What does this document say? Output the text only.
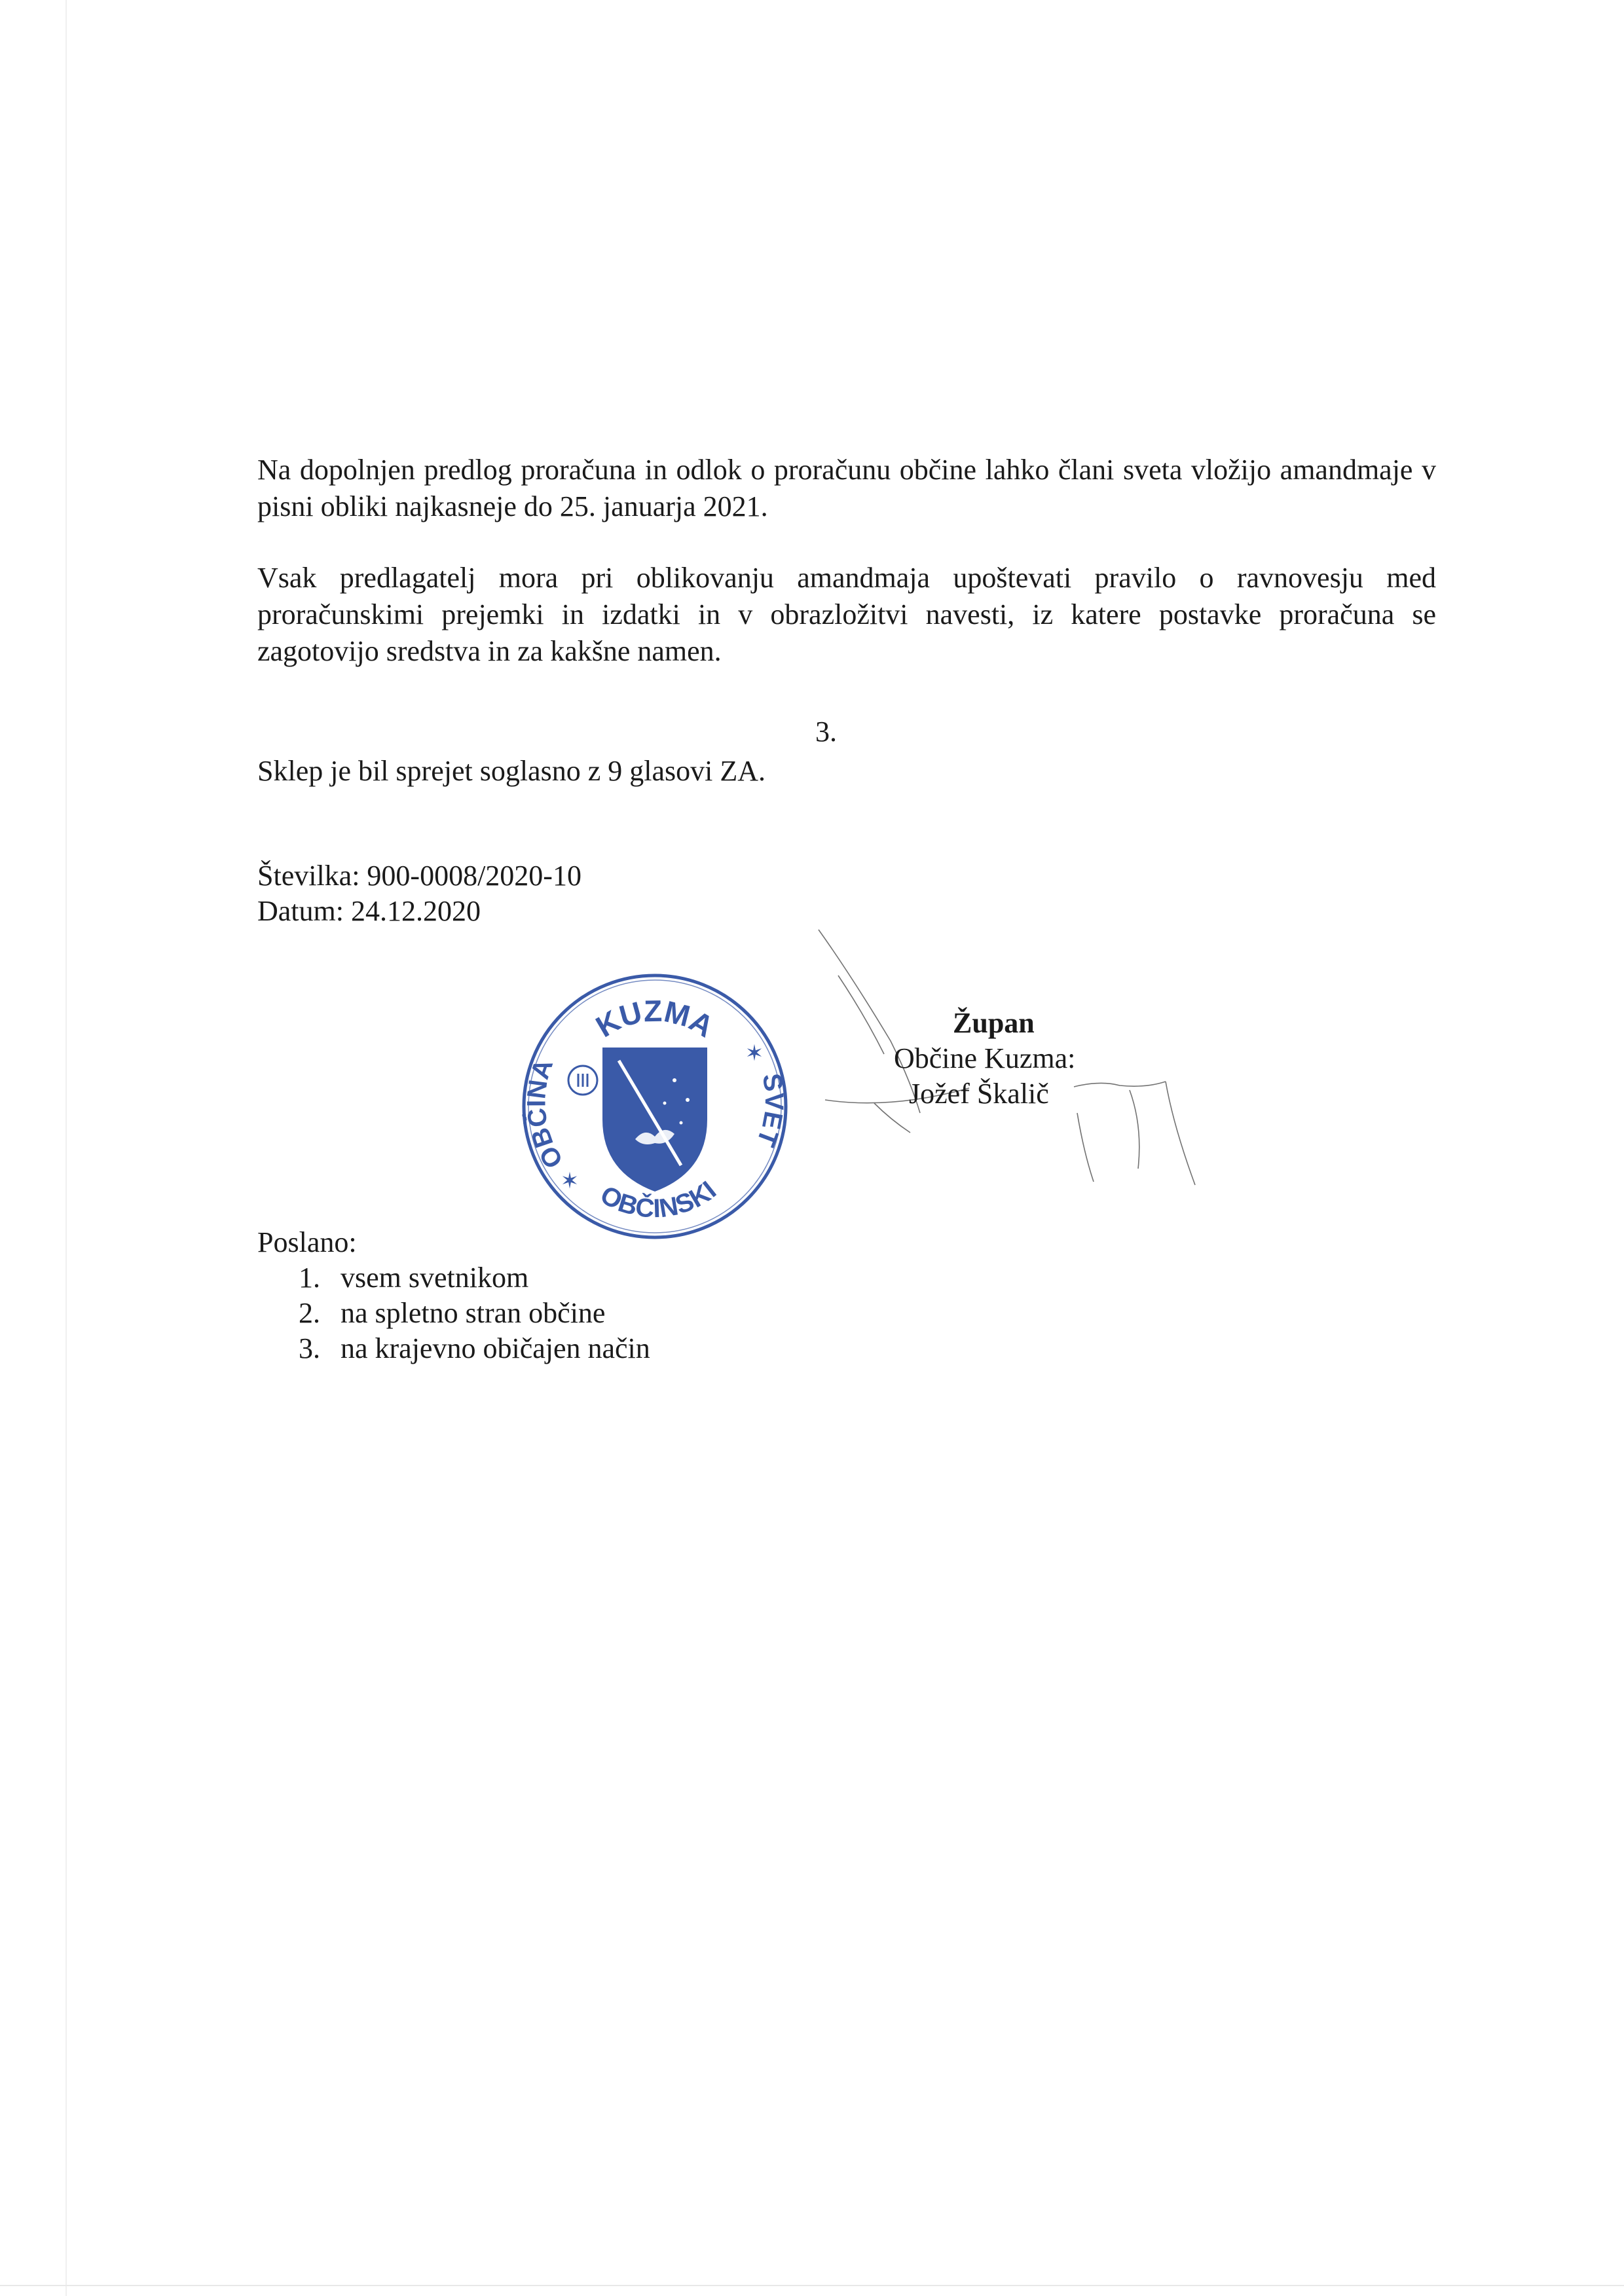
Na dopolnjen predlog proračuna in odlok o proračunu občine lahko člani sveta vložijo amandmaje v pisni obliki najkasneje do 25. januarja 2021.

Vsak predlagatelj mora pri oblikovanju amandmaja upoštevati pravilo o ravnovesju med proračunskimi prejemki in izdatki in v obrazložitvi navesti, iz katere postavke proračuna se zagotovijo sredstva in za kakšne namen.

3.

Sklep je bil sprejet soglasno z 9 glasovi ZA.

Številka: 900-0008/2020-10

Datum: 24.12.2020

KUZMA
OBČINA	SVET
OBČINSKI
✶
✶

Župan

Občine Kuzma:

Jožef Škalič

Poslano:

1. vsem svetnikom
2. na spletno stran občine
3. na krajevno običajen način
